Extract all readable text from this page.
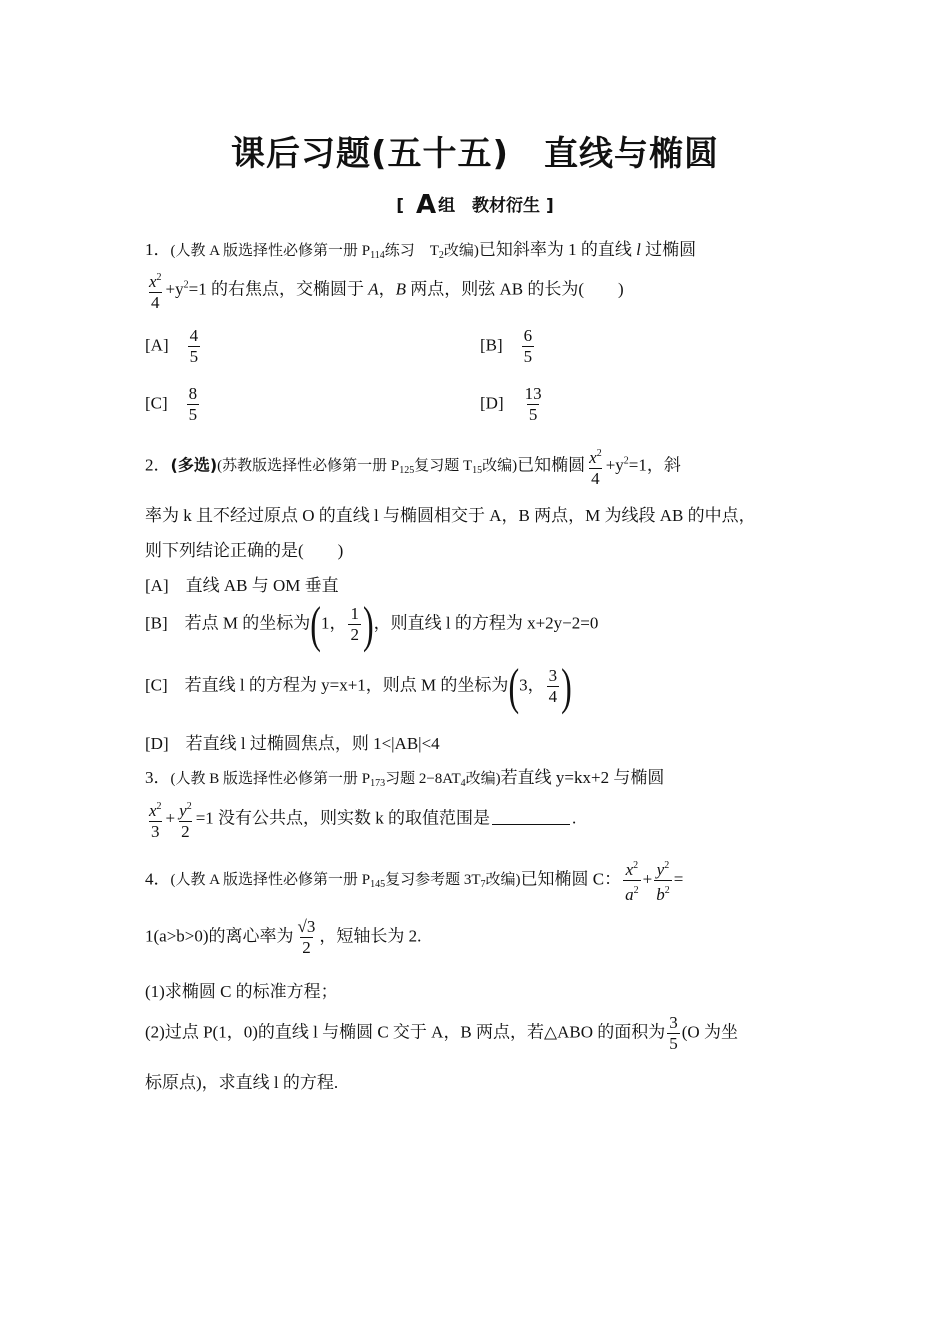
课后习题(五十五)　直线与椭圆
[ A 组　教材衍生 ]
1．(人教 A 版选择性必修第一册 $P_{114}$练习　$T_2$改编)已知斜率为 1 的直线 l 过椭圆
$\frac{x^2}{4} +y^2=1$ 的右焦点，交椭圆于 A，B 两点，则弦 AB 的长为(　　)
$[A] \frac{4}{5}$	$[B] \frac{6}{5}$
$[C] \frac{8}{5}$	$[D] \frac{13}{5}$
2．(多选)(苏教版选择性必修第一册 $P_{125}$复习题 $T_{15}$改编)已知椭圆 $\frac{x^2}{4} +y^2=1$，斜
率为 k 且不经过原点 O 的直线 l 与椭圆相交于 A，B 两点，M 为线段 AB 的中点，
则下列结论正确的是(　　)
[A]　直线 AB 与 OM 垂直
[B]　若点 M 的坐标为(1， $\frac{1}{2}$ )，则直线 l 的方程为 x+2y−2=0
[C]　若直线 l 的方程为 y=x+1，则点 M 的坐标为(3， $\frac{3}{4}$ )
[D]　若直线 l 过椭圆焦点，则 1<|AB|<4
3．(人教 B 版选择性必修第一册 $P_{173}$习题 $2-8AT_4$改编)若直线 y=kx+2 与椭圆
$\frac{x^2}{3} + \frac{y^2}{2} =1$ 没有公共点，则实数 k 的取值范围是	.
4．(人教 A 版选择性必修第一册 $P_{145}$复习参考题 $3T_7$改编)已知椭圆 C： $\frac{x^2}{a^2} + \frac{y^2}{b^2}$ =
1(a>b>0)的离心率为 $\frac{√3}{2}$ ，短轴长为 2.
(1)求椭圆 C 的标准方程；
(2)过点 P(1，0)的直线 l 与椭圆 C 交于 A，B 两点，若△ABO 的面积为 $\frac{3}{5} (O$ 为坐
标原点)，求直线 l 的方程.
